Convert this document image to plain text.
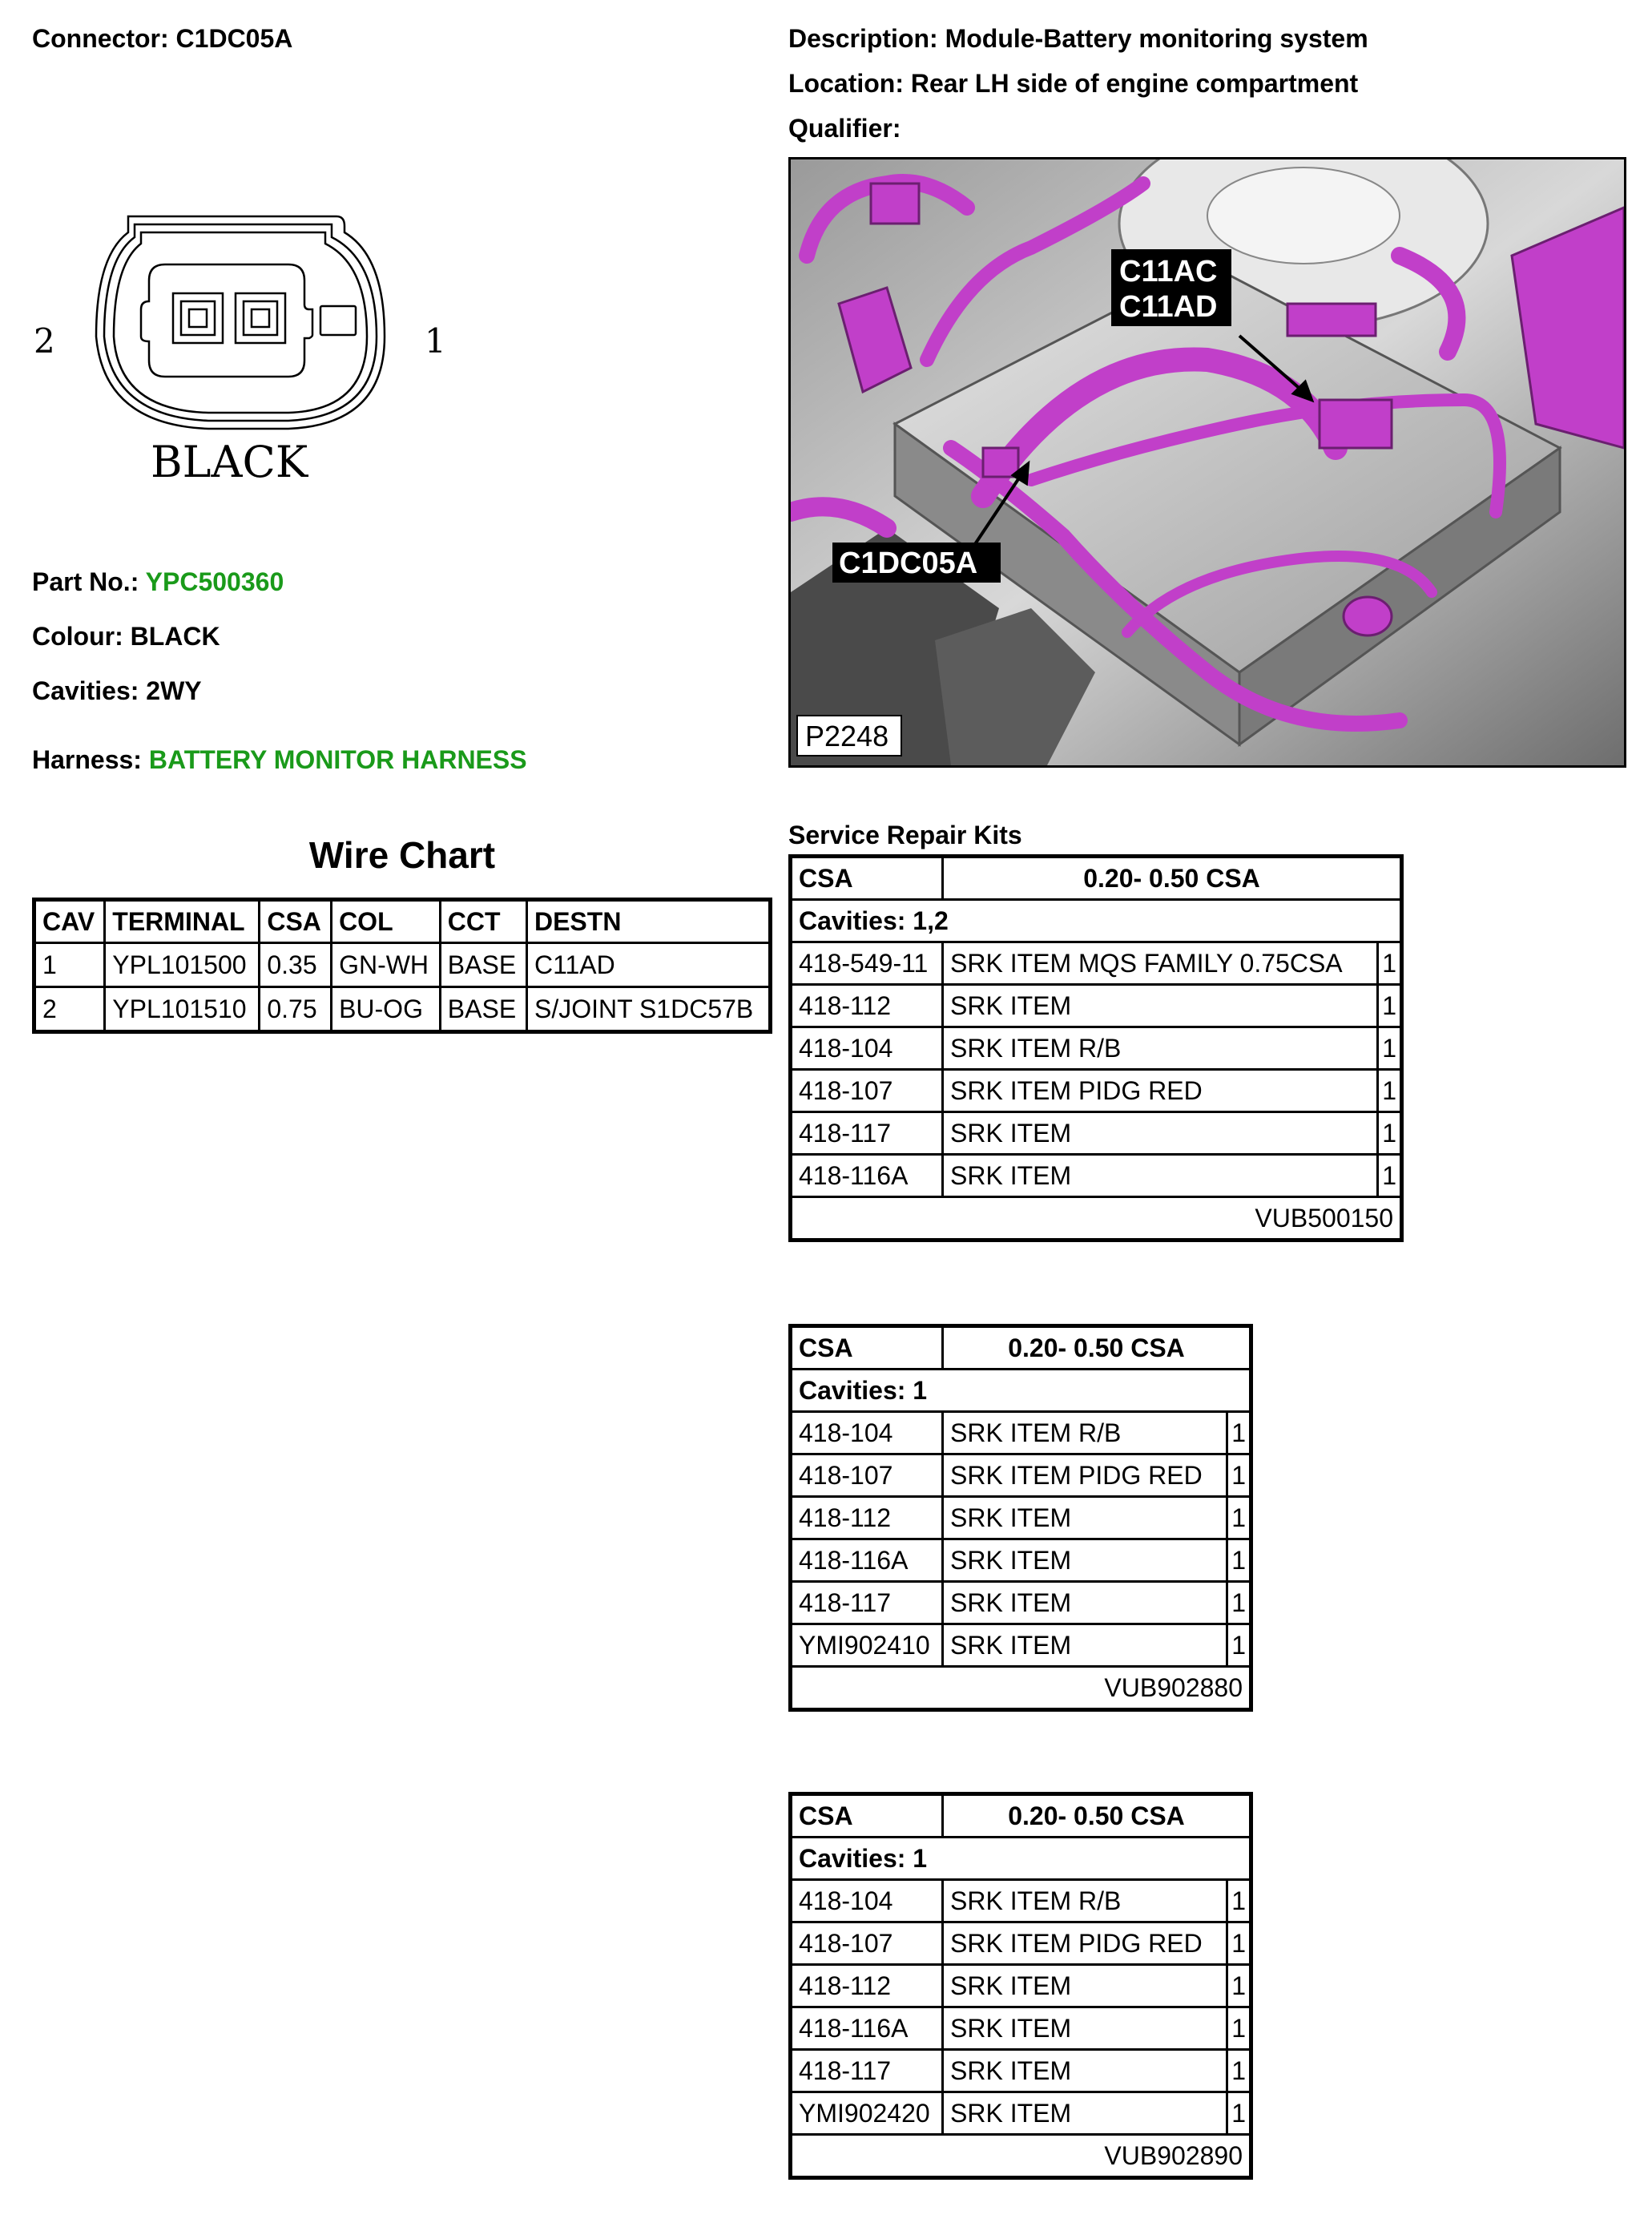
Connector: C1DC05A	Description: Module-Battery monitoring system
Location: Rear LH side of engine compartment
Qualifier:
2	1
BLACK
Part No.: YPC500360
Colour: BLACK
Cavities: 2WY
Harness: BATTERY MONITOR HARNESS
C11AC
C11AD
C1DC05A
P2248
Wire Chart
CAV	TERMINAL	CSA	COL	CCT	DESTN
1	YPL101500	0.35	GN-WH	BASE	C11AD
2	YPL101510	0.75	BU-OG	BASE	S/JOINT S1DC57B
Service Repair Kits
CSA	0.20- 0.50 CSA	
Cavities: 1,2		
418-549-11	SRK ITEM MQS FAMILY 0.75CSA	1
418-112	SRK ITEM	1
418-104	SRK ITEM R/B	1
418-107	SRK ITEM PIDG RED	1
418-117	SRK ITEM	1
418-116A	SRK ITEM	1
VUB500150		
CSA	0.20- 0.50 CSA	
Cavities: 1		
418-104	SRK ITEM R/B	1
418-107	SRK ITEM PIDG RED	1
418-112	SRK ITEM	1
418-116A	SRK ITEM	1
418-117	SRK ITEM	1
YMI902410	SRK ITEM	1
VUB902880		
CSA	0.20- 0.50 CSA	
Cavities: 1		
418-104	SRK ITEM R/B	1
418-107	SRK ITEM PIDG RED	1
418-112	SRK ITEM	1
418-116A	SRK ITEM	1
418-117	SRK ITEM	1
YMI902420	SRK ITEM	1
VUB902890		
